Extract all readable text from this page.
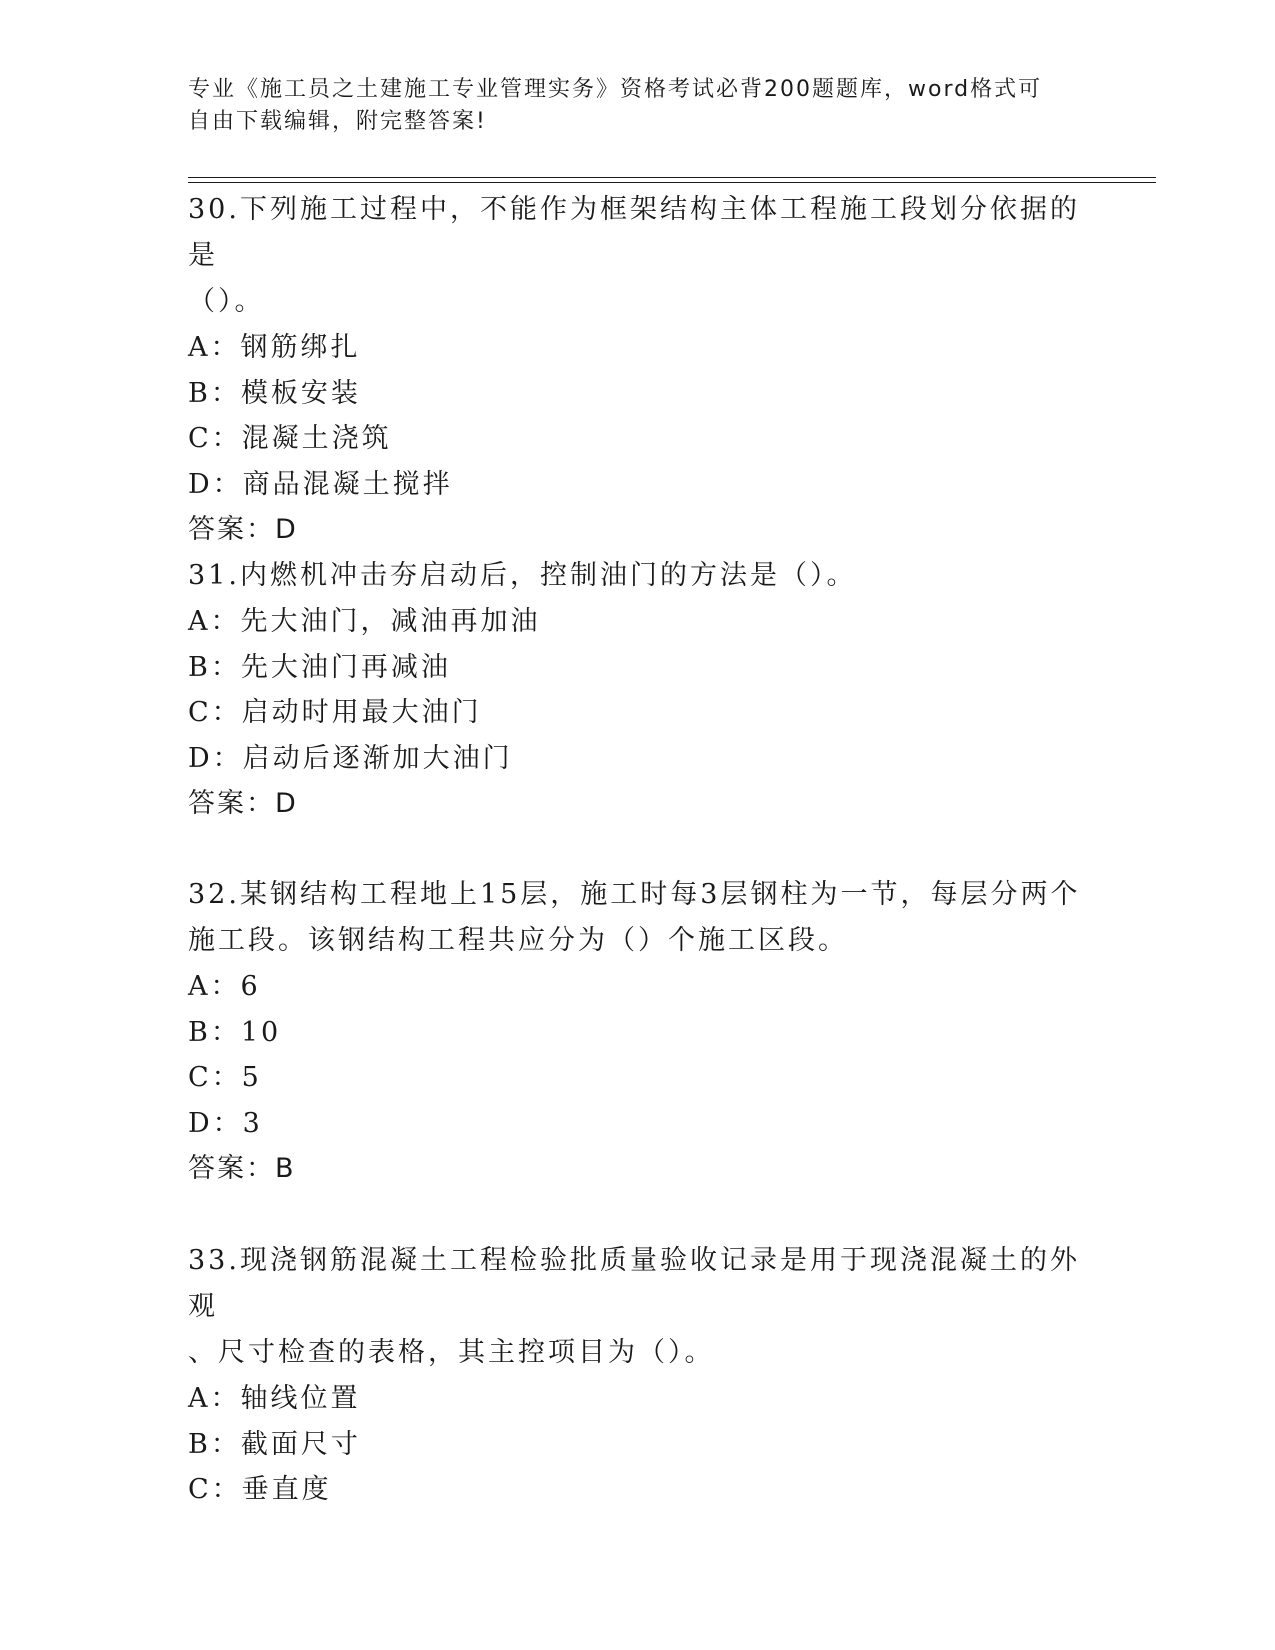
专业《施工员之土建施工专业管理实务》资格考试必背200题题库，word格式可
自由下载编辑，附完整答案!

30.下列施工过程中，不能作为框架结构主体工程施工段划分依据的是

（）。

A：钢筋绑扎

B：模板安装

C：混凝土浇筑

D：商品混凝土搅拌

答案：D

31.内燃机冲击夯启动后，控制油门的方法是（）。

A：先大油门，减油再加油

B：先大油门再减油

C：启动时用最大油门

D：启动后逐渐加大油门

答案：D

32.某钢结构工程地上15层，施工时每3层钢柱为一节，每层分两个

施工段。该钢结构工程共应分为（）个施工区段。

A：6

B：10

C：5

D：3

答案：B

33.现浇钢筋混凝土工程检验批质量验收记录是用于现浇混凝土的外观

、尺寸检查的表格，其主控项目为（）。

A：轴线位置

B：截面尺寸

C：垂直度
